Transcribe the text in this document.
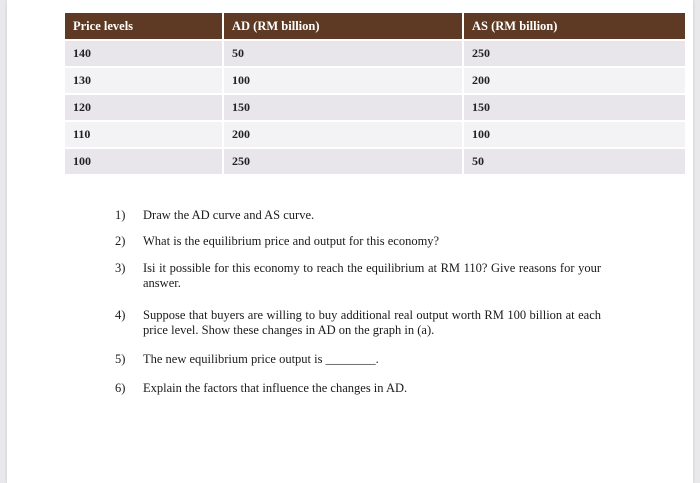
Price levels	AD (RM billion)	AS (RM billion)
140	50	250
130	100	200
120	150	150
110	200	100
100	250	50
1) Draw the AD curve and AS curve.
2) What is the equilibrium price and output for this economy?
3) Isi it possible for this economy to reach the equilibrium at RM 110? Give reasons for your answer.
4) Suppose that buyers are willing to buy additional real output worth RM 100 billion at each price level. Show these changes in AD on the graph in (a).
5) The new equilibrium price output is ________.
6) Explain the factors that influence the changes in AD.
